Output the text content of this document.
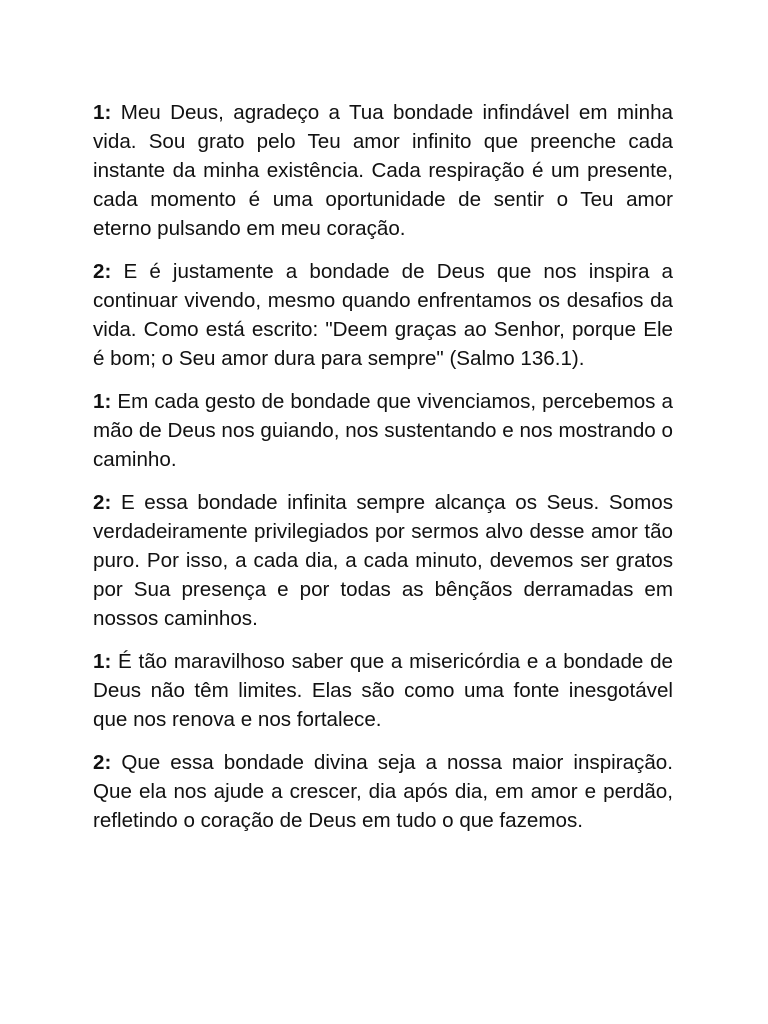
1: Meu Deus, agradeço a Tua bondade infindável em minha vida. Sou grato pelo Teu amor infinito que preenche cada instante da minha existência. Cada respiração é um presente, cada momento é uma oportunidade de sentir o Teu amor eterno pulsando em meu coração.

2: E é justamente a bondade de Deus que nos inspira a continuar vivendo, mesmo quando enfrentamos os desafios da vida. Como está escrito: "Deem graças ao Senhor, porque Ele é bom; o Seu amor dura para sempre" (Salmo 136.1).

1: Em cada gesto de bondade que vivenciamos, percebemos a mão de Deus nos guiando, nos sustentando e nos mostrando o caminho.

2: E essa bondade infinita sempre alcança os Seus. Somos verdadeiramente privilegiados por sermos alvo desse amor tão puro. Por isso, a cada dia, a cada minuto, devemos ser gratos por Sua presença e por todas as bênçãos derramadas em nossos caminhos.

1: É tão maravilhoso saber que a misericórdia e a bondade de Deus não têm limites. Elas são como uma fonte inesgotável que nos renova e nos fortalece.

2: Que essa bondade divina seja a nossa maior inspiração. Que ela nos ajude a crescer, dia após dia, em amor e perdão, refletindo o coração de Deus em tudo o que fazemos.
